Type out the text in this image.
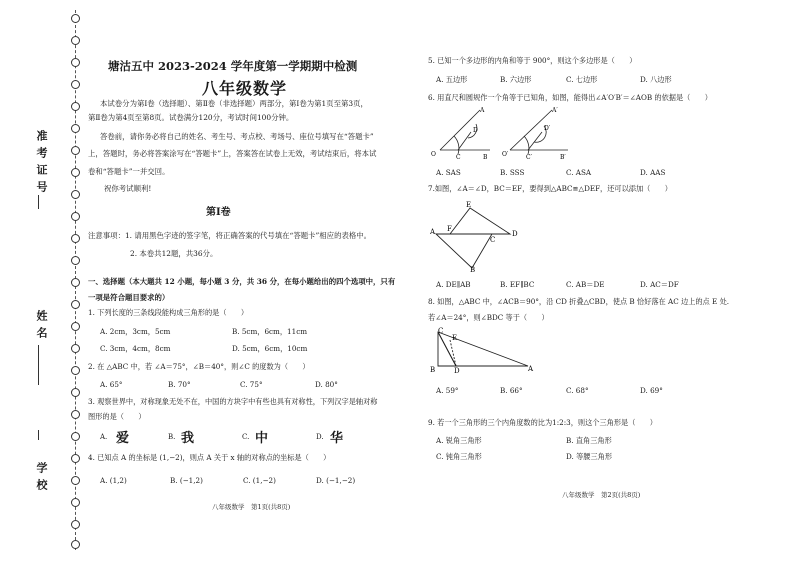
准考证号
姓名
学校
塘沽五中 2023-2024 学年度第一学期期中检测
八年级数学
本试卷分为第Ⅰ卷（选择题）、第Ⅱ卷（非选择题）两部分，第Ⅰ卷为第1页至第3页，
第Ⅱ卷为第4页至第8页。试卷满分120分，考试时间100分钟。
答卷前，请你务必将自己的姓名、考生号、考点校、考场号、座位号填写在“答题卡”
上，答题时，务必将答案涂写在“答题卡”上，答案答在试卷上无效，考试结束后，将本试
卷和“答题卡”一并交回。
祝你考试顺利!
第Ⅰ卷
注意事项：1. 请用黑色字迹的签字笔，将正确答案的代号填在“答题卡”相应的表格中。
2. 本卷共12题，共36分。
一、选择题（本大题共 12 小题，每小题 3 分，共 36 分，在每小题给出的四个选项中，只有
一项是符合题目要求的）
1. 下列长度的三条线段能构成三角形的是（　　）
A. 2cm，3cm，5cm	B. 5cm，6cm，11cm
C. 3cm，4cm，8cm	D. 5cm，6cm，10cm
2. 在 △ABC 中，若 ∠A＝75°，∠B＝40°，则∠C 的度数为（　　）
A. 65°	B. 70°	C. 75°	D. 80°
3. 观察世界中，对称现象无处不在，中国的方块字中有些也具有对称性，下列汉字是轴对称
图形的是（　　）
A. 爱	B. 我	C. 中	D. 华
4. 已知点 A 的坐标是 (1,−2)，则点 A 关于 x 轴的对称点的坐标是（　　）
A. (1,2)	B. (−1,2)	C. (1,−2)	D. (−1,−2)
八年级数学　第1页(共8页)
5. 已知一个多边形的内角和等于 900°，则这个多边形是（　　）
A. 五边形	B. 六边形	C. 七边形	D. 八边形
6. 用直尺和圆规作一个角等于已知角，如图，能得出∠A′O′B′＝∠AOB 的依据是（　　）
O	C	B
A
D
O′	C′	B′
A′
D′
A. SAS	B. SSS	C. ASA	D. AAS
7.如图，∠A＝∠D，BC＝EF，要得到△ABC≌△DEF，还可以添加（　　）
A F
E
C
D
B
A. DE∥AB	B. EF∥BC	C. AB＝DE	D. AC＝DF
8. 如图，△ABC 中，∠ACB＝90°，沿 CD 折叠△CBD，使点 B 恰好落在 AC 边上的点 E 处.
若∠A＝24°，则∠BDC 等于（　　）
C
E
B	D	A
A. 59°	B. 66°	C. 68°	D. 69°
9. 若一个三角形的三个内角度数的比为1:2:3，则这个三角形是（　　）
A. 锐角三角形	B. 直角三角形
C. 钝角三角形	D. 等腰三角形
八年级数学　第2页(共8页)
